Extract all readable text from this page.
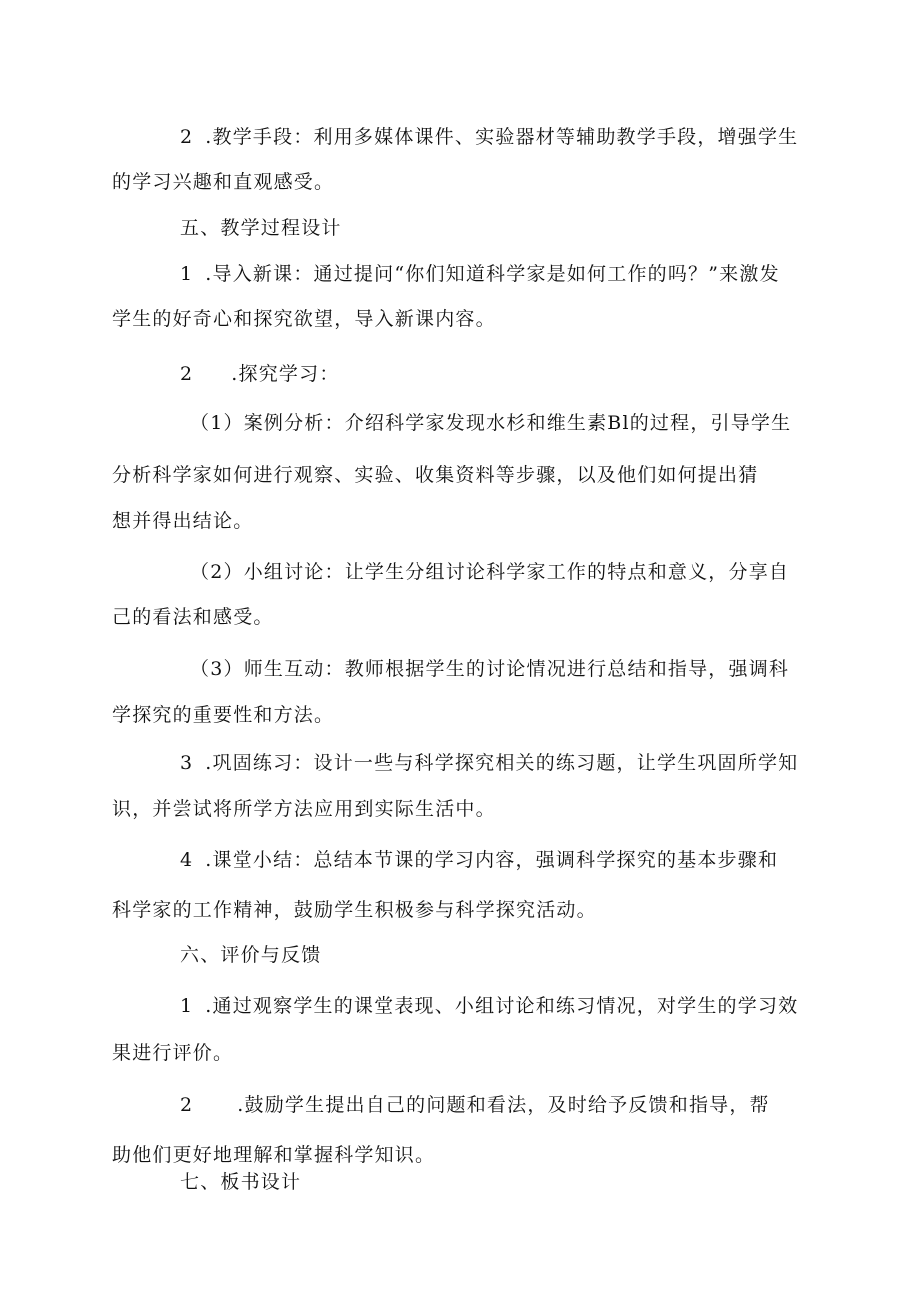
2 .教学手段：利用多媒体课件、实验器材等辅助教学手段，增强学生
的学习兴趣和直观感受。
五、教学过程设计
1 .导入新课：通过提问“你们知道科学家是如何工作的吗？”来激发
学生的好奇心和探究欲望，导入新课内容。
2 .探究学习：
（1）案例分析：介绍科学家发现水杉和维生素Bl的过程，引导学生
分析科学家如何进行观察、实验、收集资料等步骤，以及他们如何提出猜
想并得出结论。
（2）小组讨论：让学生分组讨论科学家工作的特点和意义，分享自
己的看法和感受。
（3）师生互动：教师根据学生的讨论情况进行总结和指导，强调科
学探究的重要性和方法。
3 .巩固练习：设计一些与科学探究相关的练习题，让学生巩固所学知
识，并尝试将所学方法应用到实际生活中。
4 .课堂小结：总结本节课的学习内容，强调科学探究的基本步骤和
科学家的工作精神，鼓励学生积极参与科学探究活动。
六、评价与反馈
1 .通过观察学生的课堂表现、小组讨论和练习情况，对学生的学习效
果进行评价。
2 .鼓励学生提出自己的问题和看法，及时给予反馈和指导，帮
助他们更好地理解和掌握科学知识。
七、板书设计
